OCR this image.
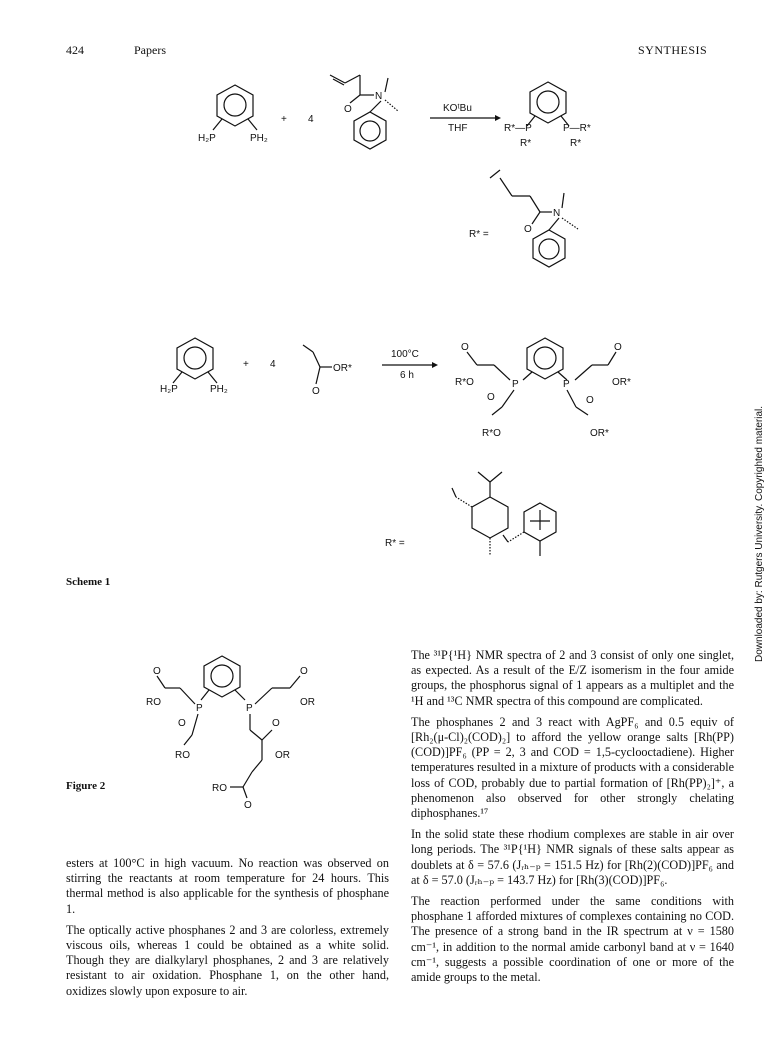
424	Papers	SYNTHESIS
Downloaded by: Rutgers University. Copyrighted material.
H₂P	PH₂
+ 4
O
N
KOᵗBu
THF	R*—P	P—R*
R*	R*
O
N
R* =
H₂P	PH₂
+ 4
O
OR*
100°C
6 h
P	P
O
R*O
O
OR*
O
R*O
O
OR*
R* =
Scheme 1
P	P
O
RO
O
OR
O
RO
O
OR
RO
O
Figure 2

esters at 100°C in high vacuum. No reaction was observed on stirring the reactants at room temperature for 24 hours. This thermal method is also applicable for the synthesis of phosphane 1.

The optically active phosphanes 2 and 3 are colorless, extremely viscous oils, whereas 1 could be obtained as a white solid. Though they are dialkylaryl phosphanes, 2 and 3 are relatively resistant to air oxidation. Phosphane 1, on the other hand, oxidizes slowly upon exposure to air.

The ³¹P{¹H} NMR spectra of 2 and 3 consist of only one singlet, as expected. As a result of the E/Z isomerism in the four amide groups, the phosphorus signal of 1 appears as a multiplet and the ¹H and ¹³C NMR spectra of this compound are complicated.

The phosphanes 2 and 3 react with AgPF₆ and 0.5 equiv of [Rh₂(μ-Cl)₂(COD)₂] to afford the yellow orange salts [Rh(PP)(COD)]PF₆ (PP = 2, 3 and COD = 1,5-cyclooctadiene). Higher temperatures resulted in a mixture of products with a considerable loss of COD, probably due to partial formation of [Rh(PP)₂]⁺, a phenomenon also observed for other strongly chelating diphosphanes.¹⁷

In the solid state these rhodium complexes are stable in air over long periods. The ³¹P{¹H} NMR signals of these salts appear as doublets at δ = 57.6 (Jᵣₕ₋ₚ = 151.5 Hz) for [Rh(2)(COD)]PF₆ and at δ = 57.0 (Jᵣₕ₋ₚ = 143.7 Hz) for [Rh(3)(COD)]PF₆.

The reaction performed under the same conditions with phosphane 1 afforded mixtures of complexes containing no COD. The presence of a strong band in the IR spectrum at ν = 1580 cm⁻¹, in addition to the normal amide carbonyl band at ν = 1640 cm⁻¹, suggests a possible coordination of one or more of the amide groups to the metal.
